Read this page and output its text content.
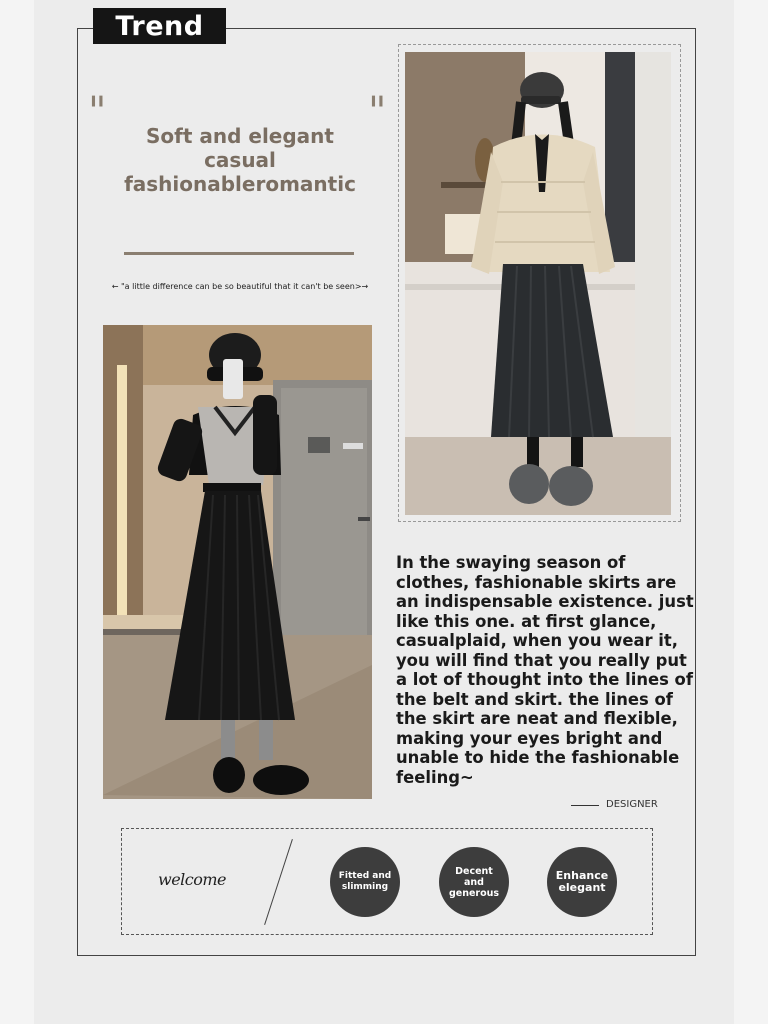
Trend
"	"
Soft and elegant
casual
fashionableromantic
← "a little difference can be so beautiful that it can't be seen>→
In the swaying season of clothes, fashionable skirts are an indispensable existence. just like this one. at first glance, casualplaid, when you wear it, you will find that you really put a lot of thought into the lines of the belt and skirt. the lines of the skirt are neat and flexible, making your eyes bright and unable to hide the fashionable feeling~
DESIGNER
welcome	Fitted and slimming
Decent and generous
Enhance elegant
